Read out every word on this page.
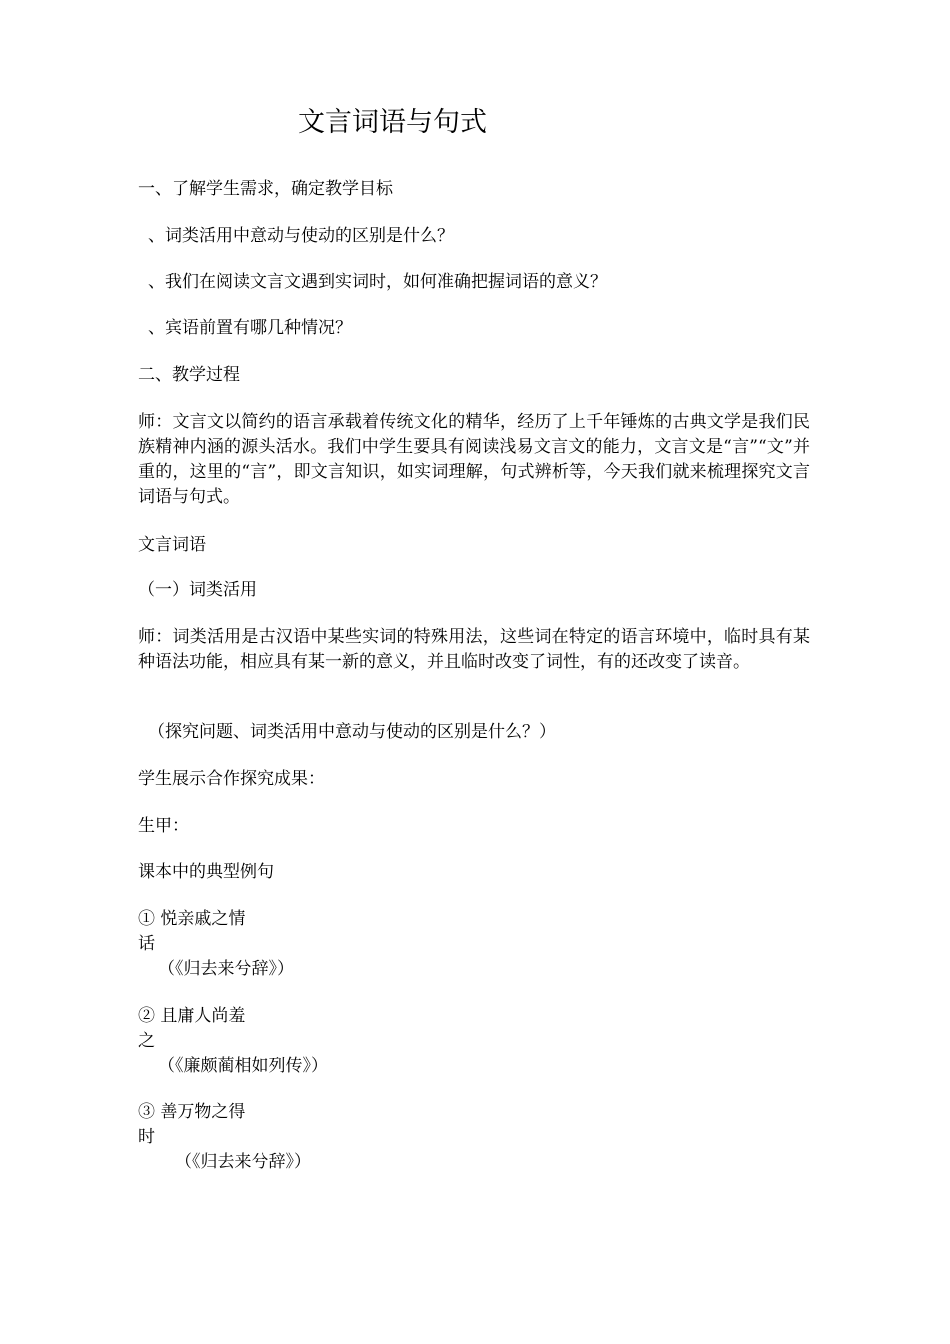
文言词语与句式

一、了解学生需求，确定教学目标

、词类活用中意动与使动的区别是什么？

、我们在阅读文言文遇到实词时，如何准确把握词语的意义？

、宾语前置有哪几种情况？

二、教学过程

师：文言文以简约的语言承载着传统文化的精华，经历了上千年锤炼的古典文学是我们民族精神内涵的源头活水。我们中学生要具有阅读浅易文言文的能力，文言文是“言”“文”并重的，这里的“言”，即文言知识，如实词理解，句式辨析等，今天我们就来梳理探究文言词语与句式。

文言词语

（一）词类活用

师：词类活用是古汉语中某些实词的特殊用法，这些词在特定的语言环境中，临时具有某种语法功能，相应具有某一新的意义，并且临时改变了词性，有的还改变了读音。

（探究问题、词类活用中意动与使动的区别是什么？）

学生展示合作探究成果：

生甲：

课本中的典型例句

① 悦亲戚之情

话

（《归去来兮辞》）

② 且庸人尚羞

之

（《廉颇蔺相如列传》）

③ 善万物之得

时

（《归去来兮辞》）
